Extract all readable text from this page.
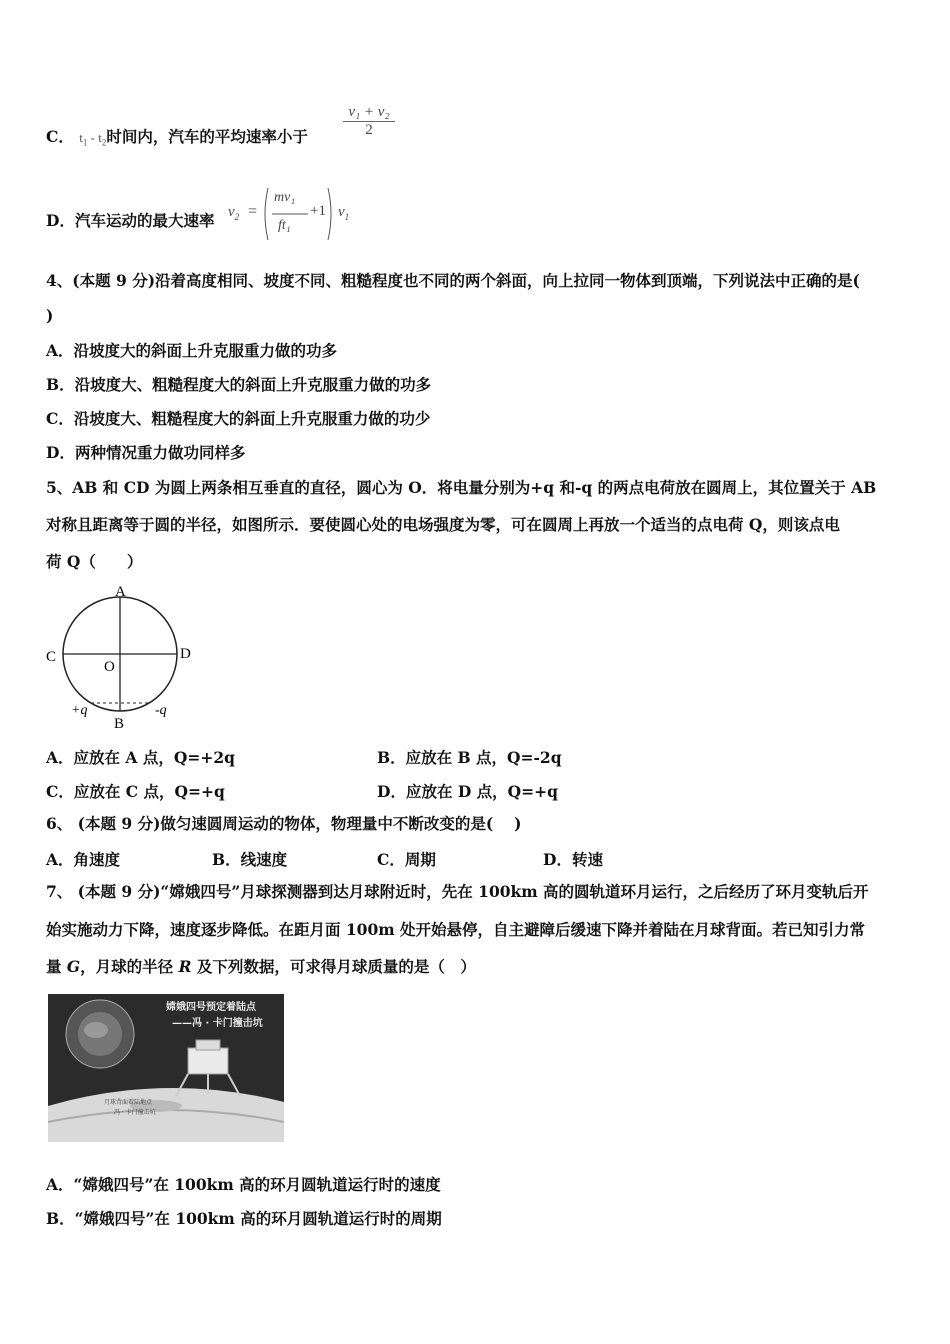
C． $t_1 - t_2$时间内，汽车的平均速率小于 $\frac{\text{v₁ + v₂}}{2}$
D．汽车运动的最大速率 $v_2$ =
mv₁
ft₁
+1 $v_1$
4、(本题 9 分)沿着高度相同、坡度不同、粗糙程度也不同的两个斜面，向上拉同一物体到顶端，下列说法中正确的是(
)
A．沿坡度大的斜面上升克服重力做的功多
B．沿坡度大、粗糙程度大的斜面上升克服重力做的功多
C．沿坡度大、粗糙程度大的斜面上升克服重力做的功少
D．两种情况重力做功同样多
5、AB 和 CD 为圆上两条相互垂直的直径，圆心为 O．将电量分别为+q 和-q 的两点电荷放在圆周上，其位置关于 AB
对称且距离等于圆的半径，如图所示．要使圆心处的电场强度为零，可在圆周上再放一个适当的点电荷 Q，则该点电
荷 Q（　　）
A
B
C	D
O
+q	-q
A．应放在 A 点，Q=+2q	B．应放在 B 点，Q=-2q
C．应放在 C 点，Q=+q	D．应放在 D 点，Q=+q
6、 (本题 9 分)做匀速圆周运动的物体，物理量中不断改变的是(　 )
A．角速度	B．线速度	C．周期	D．转速
7、 (本题 9 分)“嫦娥四号”月球探测器到达月球附近时，先在 100km 高的圆轨道环月运行，之后经历了环月变轨后开
始实施动力下降，速度逐步降低。在距月面 100m 处开始悬停，自主避障后缓速下降并着陆在月球背面。若已知引力常
量 G，月球的半径 R 及下列数据，可求得月球质量的是（　）
嫦娥四号预定着陆点
——冯 · 卡门撞击坑
月球背面着陆地点
冯 · 卡门撞击坑
A．“嫦娥四号”在 100km 高的环月圆轨道运行时的速度
B．“嫦娥四号”在 100km 高的环月圆轨道运行时的周期
